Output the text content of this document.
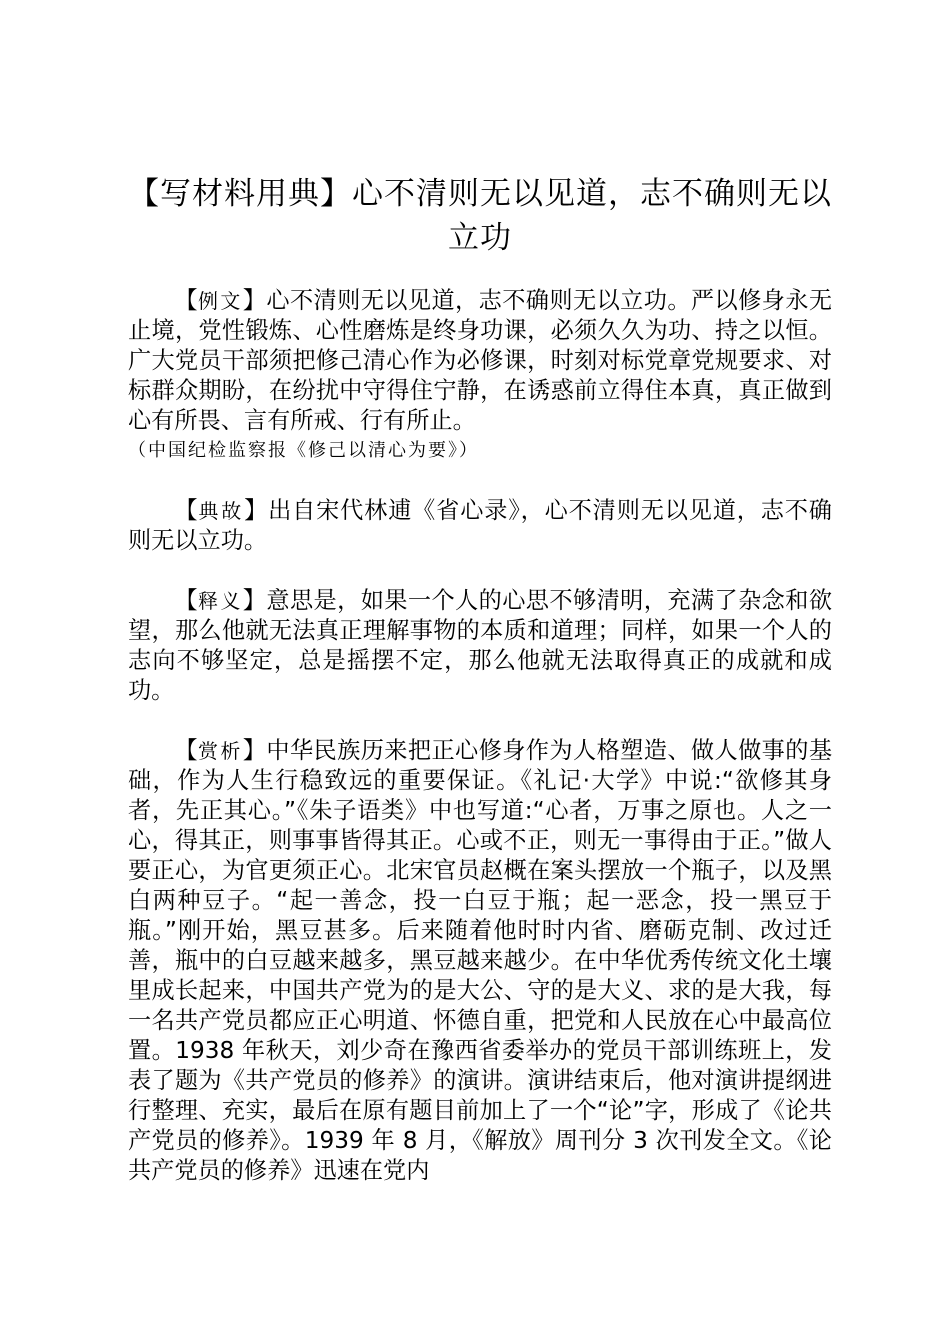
【写材料用典】心不清则无以见道，志不确则无以立功

【例文】心不清则无以见道，志不确则无以立功。严以修身永无止境，党性锻炼、心性磨炼是终身功课，必须久久为功、持之以恒。广大党员干部须把修己清心作为必修课，时刻对标党章党规要求、对标群众期盼，在纷扰中守得住宁静，在诱惑前立得住本真，真正做到心有所畏、言有所戒、行有所止。
（中国纪检监察报《修己以清心为要》）

【典故】出自宋代林逋《省心录》，心不清则无以见道，志不确则无以立功。

【释义】意思是，如果一个人的心思不够清明，充满了杂念和欲望，那么他就无法真正理解事物的本质和道理；同样，如果一个人的志向不够坚定，总是摇摆不定，那么他就无法取得真正的成就和成功。

【赏析】中华民族历来把正心修身作为人格塑造、做人做事的基础，作为人生行稳致远的重要保证。《礼记·大学》中说:“欲修其身者，先正其心。”《朱子语类》中也写道:“心者，万事之原也。人之一心，得其正，则事事皆得其正。心或不正，则无一事得由于正。”做人要正心，为官更须正心。北宋官员赵概在案头摆放一个瓶子，以及黑白两种豆子。“起一善念，投一白豆于瓶；起一恶念，投一黑豆于瓶。”刚开始，黑豆甚多。后来随着他时时内省、磨砺克制、改过迁善，瓶中的白豆越来越多，黑豆越来越少。在中华优秀传统文化土壤里成长起来，中国共产党为的是大公、守的是大义、求的是大我，每一名共产党员都应正心明道、怀德自重，把党和人民放在心中最高位置。1938 年秋天，刘少奇在豫西省委举办的党员干部训练班上，发表了题为《共产党员的修养》的演讲。演讲结束后，他对演讲提纲进行整理、充实，最后在原有题目前加上了一个“论”字，形成了《论共产党员的修养》。1939 年 8 月，《解放》周刊分 3 次刊发全文。《论共产党员的修养》迅速在党内
